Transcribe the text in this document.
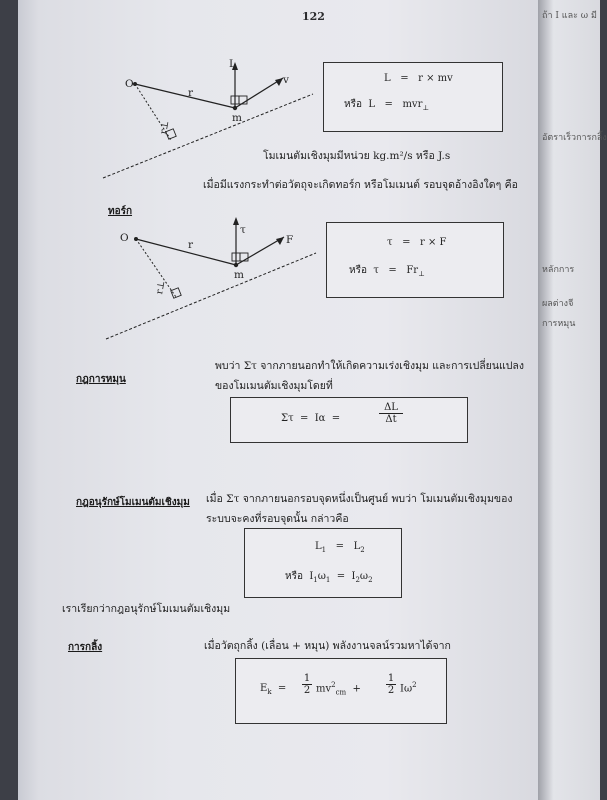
122
O
m
L
r
v
r⊥
L = r × mv
หรือ L = mvr$_\perp$
โมเมนตัมเชิงมุมมีหน่วย kg.m²/s หรือ J.s
ทอร์ก
เมื่อมีแรงกระทำต่อวัตถุจะเกิดทอร์ก หรือโมเมนต์ รอบจุดอ้างอิงใดๆ คือ
O
m
τ
r	F
r⊥
τ = r × F
หรือ $\tau = Fr_\perp$
กฎการหมุน
พบว่า Στ จากภายนอกทำให้เกิดความเร่งเชิงมุม และการเปลี่ยนแปลง
ของโมเมนตัมเชิงมุมโดยที่
Στ = Iα =	$\frac{\Delta L}{\Delta t}$
กฎอนุรักษ์โมเมนตัมเชิงมุม เมื่อ Στ จากภายนอกรอบจุดหนึ่งเป็นศูนย์ พบว่า โมเมนตัมเชิงมุมของ
ระบบจะคงที่รอบจุดนั้น กล่าวคือ
$L_1 = L_2$
หรือ $I_1\omega_1 = I_2\omega_2$
เราเรียกว่ากฎอนุรักษ์โมเมนตัมเชิงมุม
การกลิ้ง	เมื่อวัตถุกลิ้ง (เลื่อน + หมุน) พลังงานจลน์รวมหาได้จาก
$E_k = \frac{1}{2} mv^2_{cm}$ +	$\frac{1}{2} I\omega^2$
ถ้า I และ ω มี
อัตราเร็วการกลิ้ง
หลักการ
ผลต่างจี
การหมุน
